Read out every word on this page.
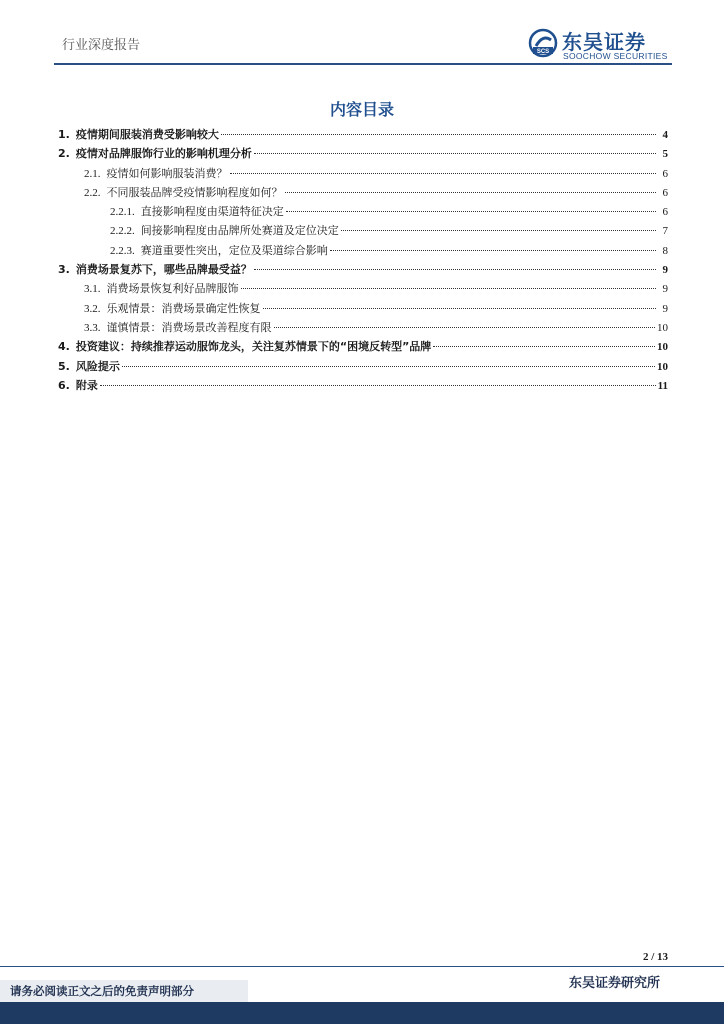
行业深度报告	SCS 东吴证券
SOOCHOW SECURITIES
内容目录
1. 疫情期间服装消费受影响较大	4
2. 疫情对品牌服饰行业的影响机理分析	5
2.1. 疫情如何影响服装消费？	6
2.2. 不同服装品牌受疫情影响程度如何？	6
2.2.1. 直接影响程度由渠道特征决定	6
2.2.2. 间接影响程度由品牌所处赛道及定位决定	7
2.2.3. 赛道重要性突出，定位及渠道综合影响	8
3. 消费场景复苏下，哪些品牌最受益？	9
3.1. 消费场景恢复利好品牌服饰	9
3.2. 乐观情景：消费场景确定性恢复	9
3.3. 谨慎情景：消费场景改善程度有限	10
4. 投资建议：持续推荐运动服饰龙头，关注复苏情景下的“困境反转型”品牌	10
5. 风险提示	10
6. 附录	11
2 / 13
请务必阅读正文之后的免责声明部分	东吴证券研究所
